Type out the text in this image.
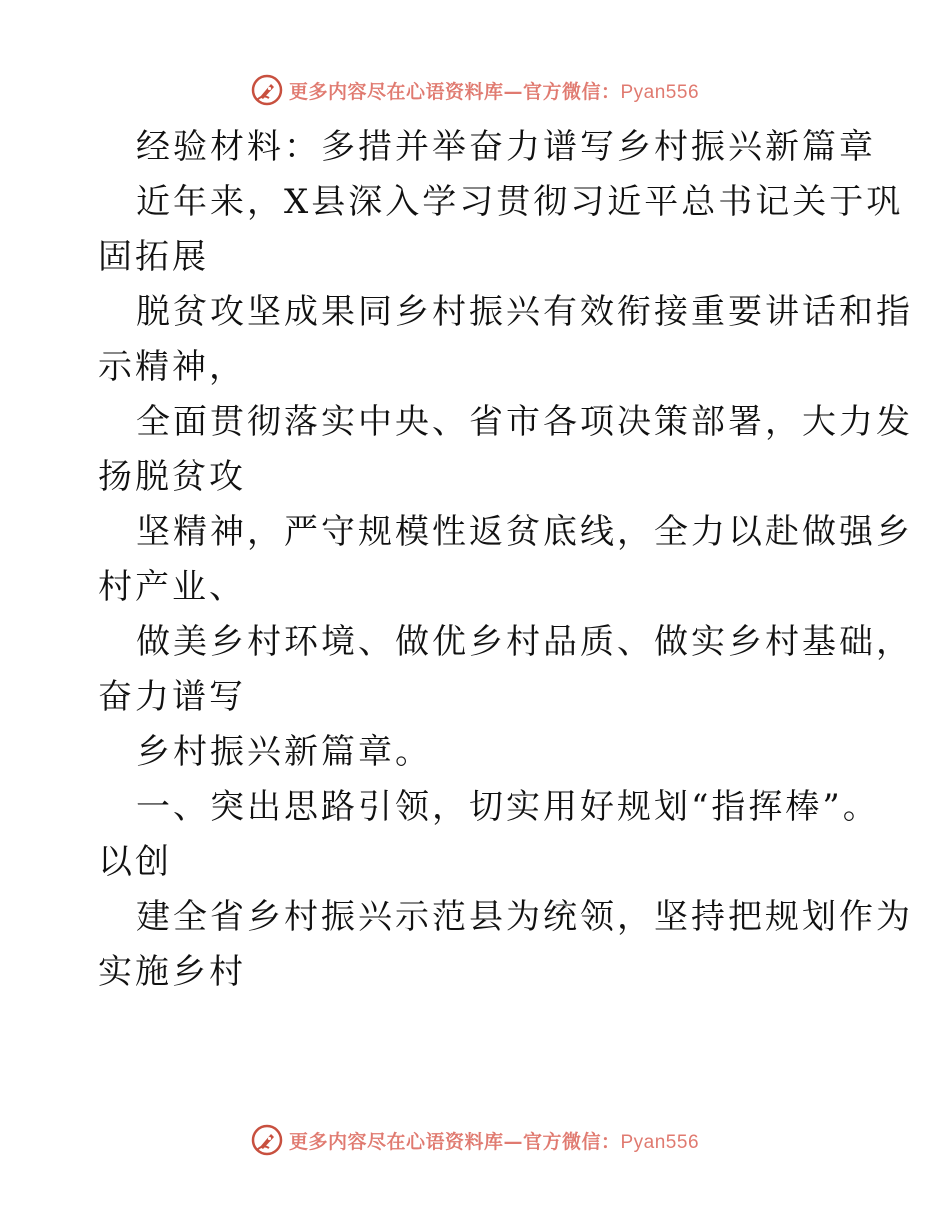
更多内容尽在心语资料库—官方微信：Pyan556
经验材料：多措并举奋力谱写乡村振兴新篇章
近年来，X县深入学习贯彻习近平总书记关于巩
固拓展
脱贫攻坚成果同乡村振兴有效衔接重要讲话和指
示精神，
全面贯彻落实中央、省市各项决策部署，大力发
扬脱贫攻
坚精神，严守规模性返贫底线，全力以赴做强乡
村产业、
做美乡村环境、做优乡村品质、做实乡村基础，
奋力谱写
乡村振兴新篇章。
一、突出思路引领，切实用好规划“指挥棒”。
以创
建全省乡村振兴示范县为统领，坚持把规划作为
实施乡村
更多内容尽在心语资料库—官方微信：Pyan556
